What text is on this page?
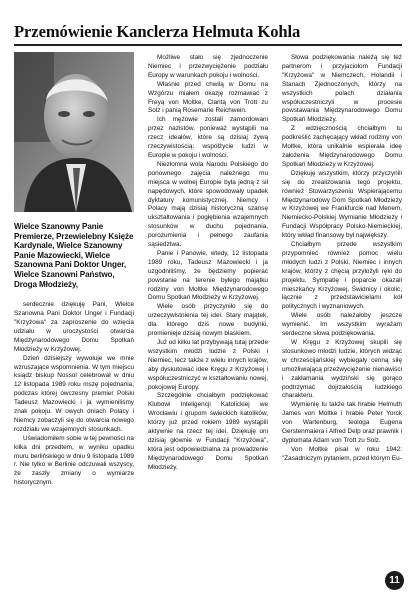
Przemówienie Kanclerza Helmuta Kohla

Wielce Szanowny Panie Premierze, Przewielebny Księże Kardynale, Wielce Szanowny Panie Mazowiecki, Wielce Szanowna Pani Doktor Unger, Wielce Szanowni Państwo, Droga Młodzieży,

serdecznie dziękuję Pani, Wielce Szanowna Pani Doktor Unger i Fundacji "Krzyżowa" za zaproszenie do wzięcia udziału w uroczystości otwarcia Międzynarodowego Domu Spotkań Młodzieży w Krzyżowej.

Dzień dzisiejszy wywołuje we mnie wzruszające wspomnienia. W tym miejscu ksiądz biskup Nossol celebrował w dniu 12 listopada 1989 roku mszę pojednania, podczas której ówczesny premier Polski Tadeusz Mazowiecki i ja wymieniliśmy znak pokoju. W owych dniach Polacy i Niemcy zobaczyli się do otwarcia nowego rozdziału we wzajemnych stosunkach.

Uświadomiłem sobie w tej pewności na kilka dni przedtem, w wyniku upadku muru berlińskiego w dniu 9 listopada 1989 r. Nie tylko w Berlinie odczuwali wszyscy, że zaszły zmiany o wymiarze historycznym.

Możliwe stało się zjednoczenie Niemiec i przezwyciężenie podziału Europy w warunkach pokoju i wolności.

Właśnie przed chwilą w Domu na Wzgórzu miałem okazję rozmawiać z Freyą von Moltke, Claritą von Trott zu Solz i panią Rosemarie Reichwein.

Ich mężowie zostali zamordowani przez nazistów, ponieważ wystąpili na rzecz ideałów, które są dzisiaj żywą rzeczywistością: współżycie ludzi w Europie w pokoju i wolności.

Niezłomna wola Narodu Polskiego do ponownego zajęcia należnego mu miejsca w wolnej Europie była jedną z sił napędowych, które spowodowały upadek dyktatury komunistycznej. Niemcy i Polacy mają dzisiaj historyczną szansę ukształtowania i pogłębienia wzajemnych stosunków w duchu pojednania, porozumienia i pełnego zaufania sąsiedztwa.

Panie i Panowie, wtedy, 12 listopada 1989 roku, Tadeusz Mazowiecki i ja uzgodniliśmy, że będziemy popierać powstanie na terenie byłego majątku rodziny von Moltke Międzynarodowego Domu Spotkań Młodzieży w Krzyżowej.

Wiele osób przyczyniło się do urzeczywistnienia tej idei. Stary majątek, dla którego dziś nowe budynki, promienieje dzisiaj nowym blaskiem.

Już od kilku lat przybywają tutaj przede wszystkim młodzi ludzie z Polski i Niemiec, lecz także z wielu innych krajów, aby dyskutować idee Kręgu z Krzyżowej i współuczestniczyć w kształtowaniu nowej, pokojowej Europy.

Szczególnie chciałbym podziękować Klubowi Inteligencji Katolickiej we Wrocławiu i grupom świeckich katolików, którzy już przed rokiem 1989 wystąpili aktywnie na rzecz tej idei. Dziękuję oni dzisiaj głównie w Fundacji "Krzyżowa", która jest odpowiedzialna za prowadzenie Międzynarodowego Domu Spotkań Młodzieży.

Słowa podziękowania należą się też partnerom i przyjaciołom Fundacji "Krzyżowa" w Niemczech, Holandii i Stanach Zjednoczonych, którzy na wszystkich polach działania współuczestniczyli w procesie powstawania Międzynarodowego Domu Spotkań Młodzieży.

Z wdzięcznością chciałbym tu podkreślić zachęcający wkład rodziny von Moltke, która unikalnie wspierała ideę założenia Międzynarodowego Domu Spotkań Młodzieży w Krzyżowej.

Dziękuję wszystkim, którzy przyczynili się do zrealizowania tego projektu, również Stowarzyszeniu Wspierającemu Międzynarodowy Dom Spotkań Młodzieży w Krzyżowej we Frankfurcie nad Menem, Niemiecko-Polskiej Wymianie Młodzieży i Fundacji Współpracy Polsko-Niemieckiej, który wkład finansowy był największy.

Chciałbym przede wszystkim przypomnieć również pomoc wielu młodych ludzi z Polski, Niemiec i innych krajów, którzy z chęcią przyłożyli ręki do projektu. Sympatię i poparcie okazali mieszkańcy Krzyżowej, Świdnicy i okolic, łącznie z przedstawicielami kół politycznych i wyznaniowych.

Wiele osób należałoby jeszcze wymienić. Im wszystkim wyrażam serdeczne słowa podziękowania.

W Kręgu z Krzyżowej skupili się stosunkowo młodzi ludzie, których widząc w chrześcijańskiej wybiegały cenną siłę umożliwiającą przezwyciężenie nienawiści i zakłamania wydziński się gorąco podtrzymać dojrzałością ludzkiego charakteru.

Wymienię tu także tak hrabie Helmuth James von Moltke i hrabie Peter Yorck von Wartenburg, teologa Eugena Gerstenmaiera i Alfred Delp oraz prawnik i dyplomata Adam von Trott zu Solz.

Von Moltke pisał w roku 1942: "Zasadniczym pytaniem, przed którym Eu-

11
